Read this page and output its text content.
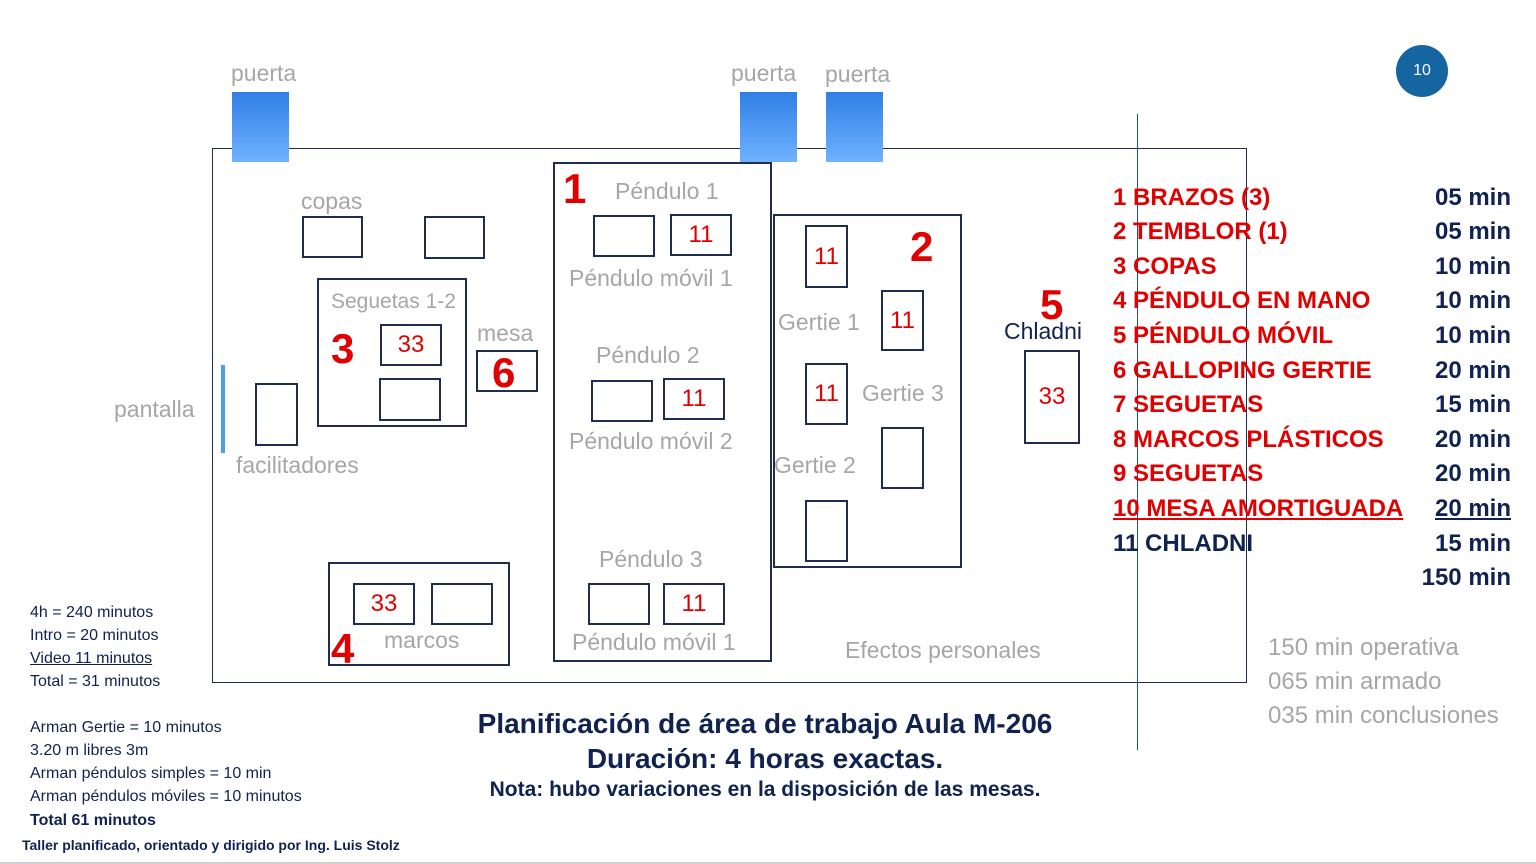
10
puerta	puerta puerta
pantalla
copas
Seguetas 1-2
3	33	mesa
6
facilitadores
33
marcos
4
1 Péndulo 1
11
Péndulo móvil 1
Péndulo 2
11
Péndulo móvil 2
Péndulo 3
11
Péndulo móvil 1
11 2
Gertie 1	11
11	Gertie 3
Gertie 2
5
Chladni
33
Efectos personales
1 BRAZOS (3)	05 min
2 TEMBLOR (1)	05 min
3 COPAS	10 min
4 PÉNDULO EN MANO	10 min
5 PÉNDULO MÓVIL	10 min
6 GALLOPING GERTIE	20 min
7 SEGUETAS	15 min
8 MARCOS PLÁSTICOS 20 min
9 SEGUETAS	20 min
10 MESA AMORTIGUADA 20 min
11 CHLADNI	15 min
150 min
150 min operativa
065 min armado
035 min conclusiones
4h = 240 minutos
Intro = 20 minutos
Video 11 minutos
Total = 31 minutos
Arman Gertie = 10 minutos
3.20 m libres 3m
Arman péndulos simples = 10 min
Arman péndulos móviles = 10 minutos
Total 61 minutos
Taller planificado, orientado y dirigido por Ing. Luis Stolz
Planificación de área de trabajo Aula M-206
Duración: 4 horas exactas.
Nota: hubo variaciones en la disposición de las mesas.
